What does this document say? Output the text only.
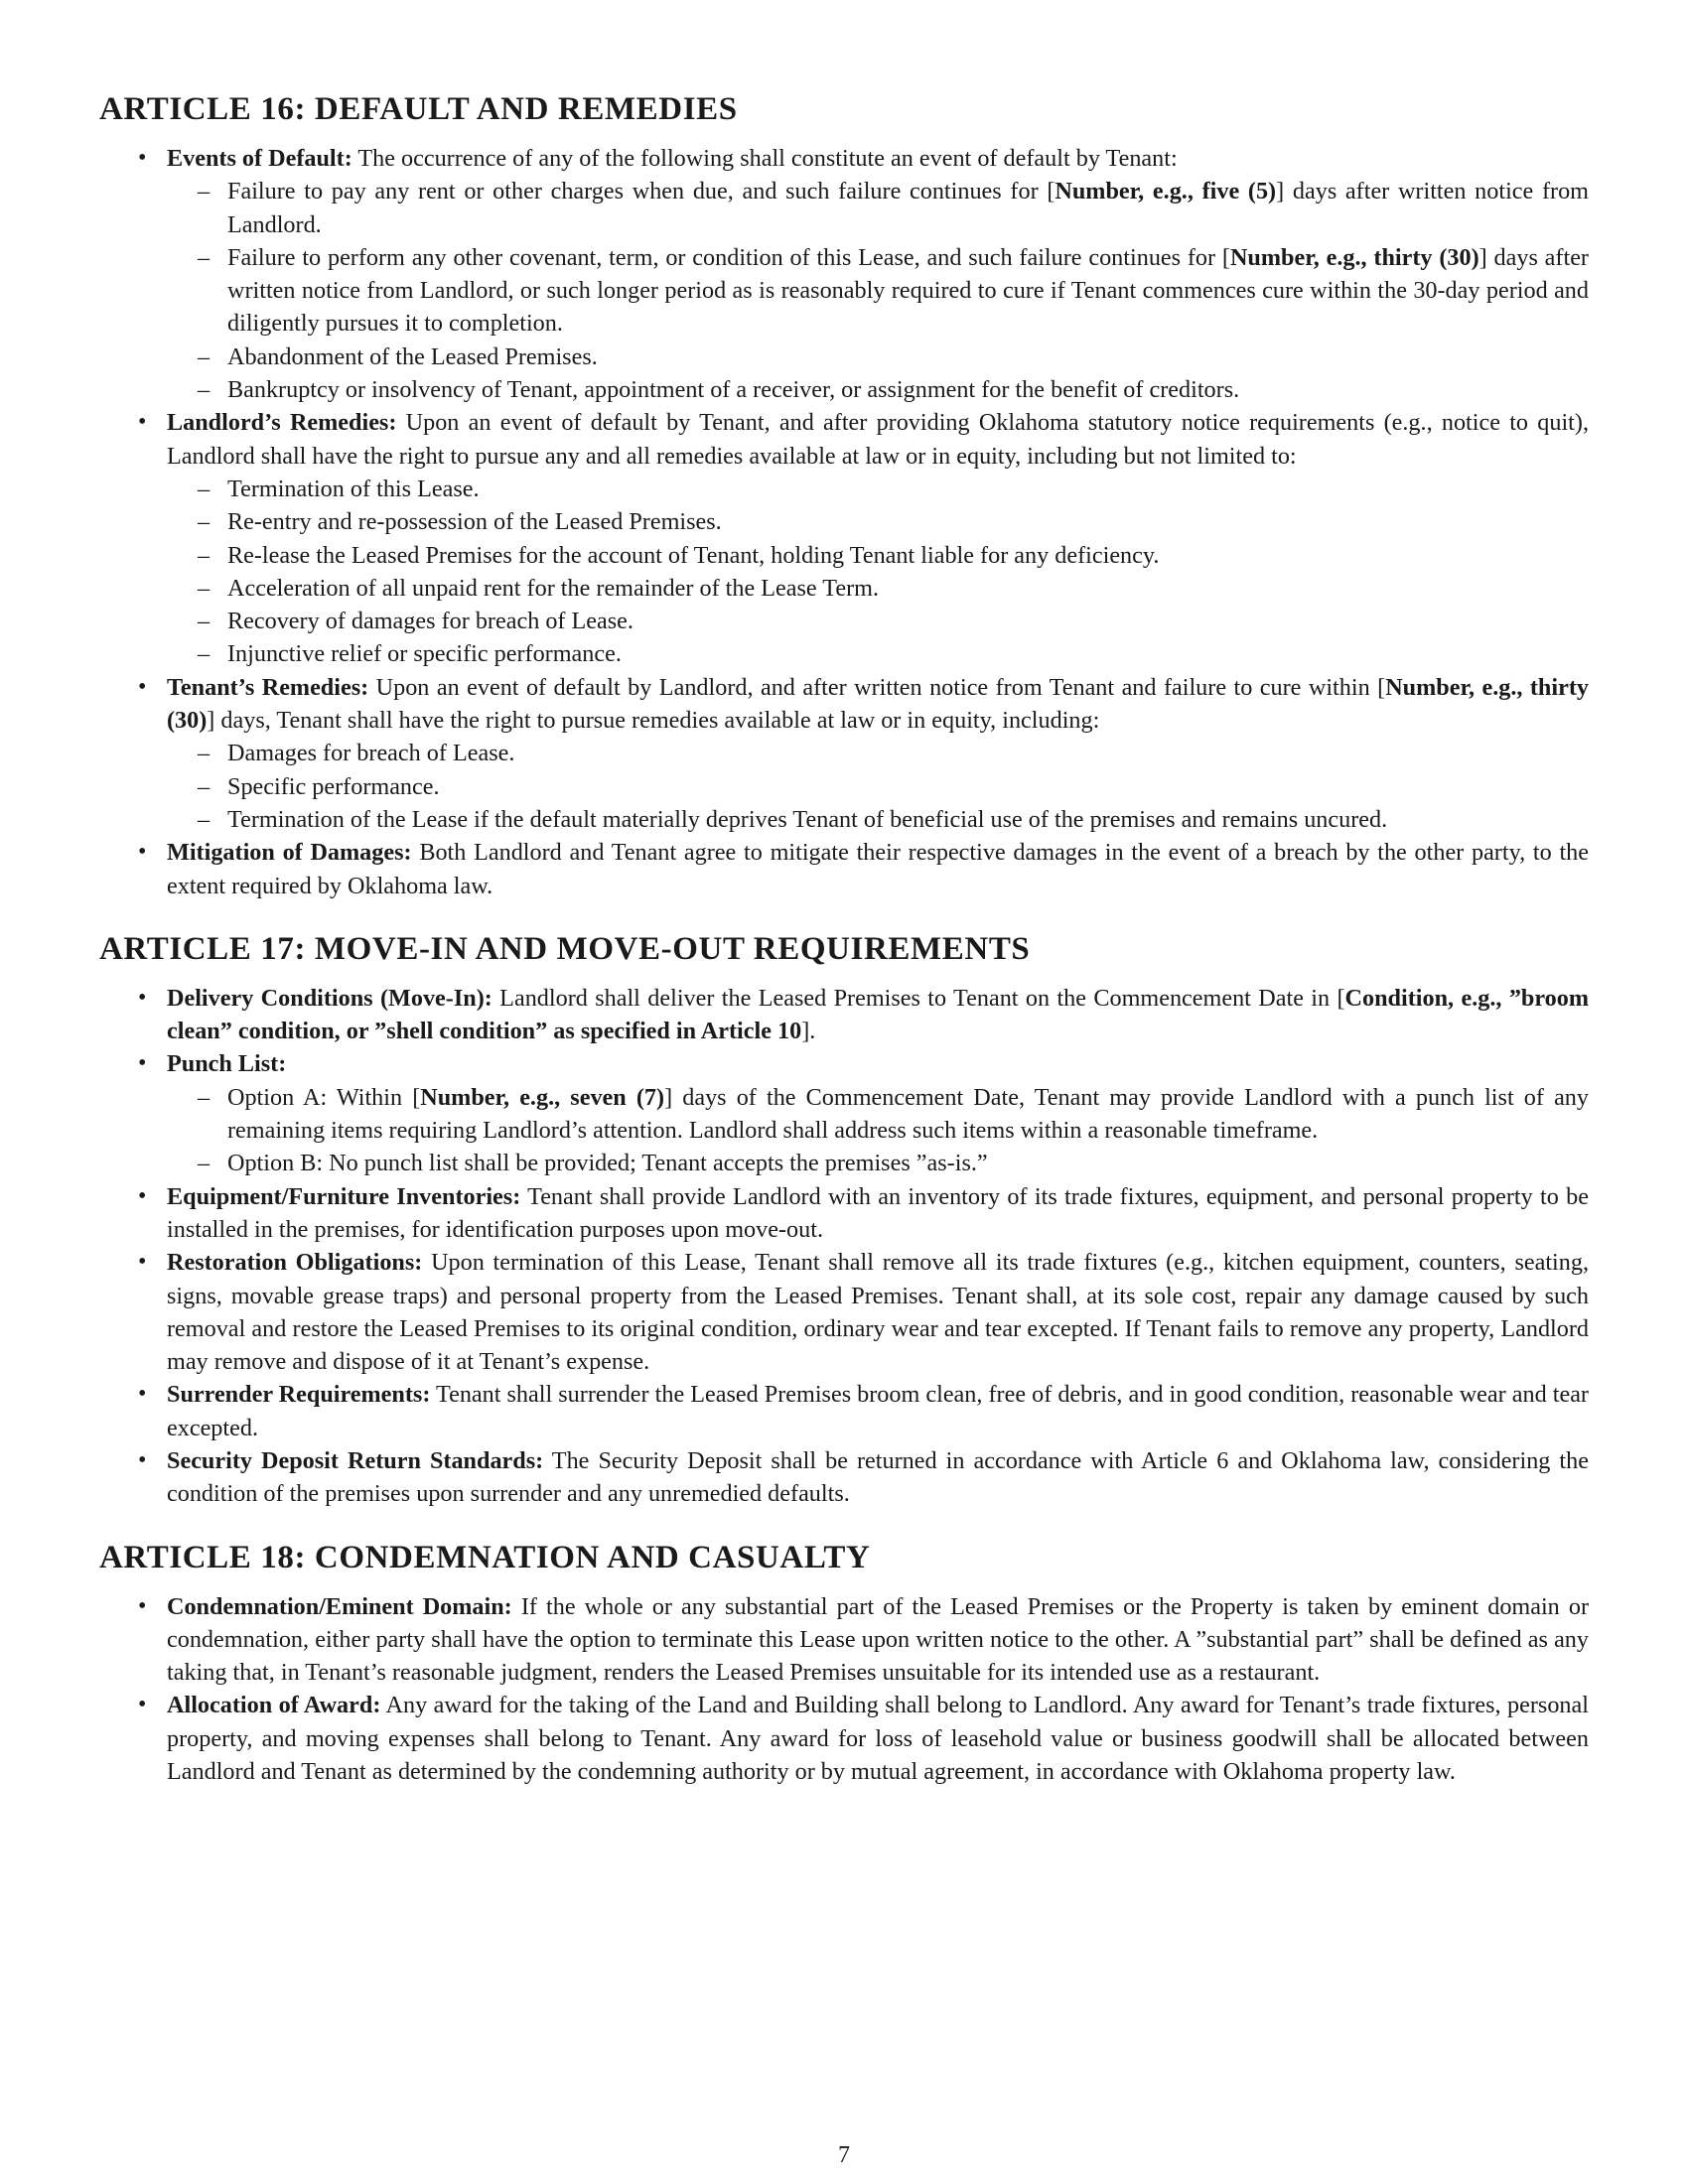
ARTICLE 16: DEFAULT AND REMEDIES
• Events of Default: The occurrence of any of the following shall constitute an event of default by Tenant:
– Failure to pay any rent or other charges when due, and such failure continues for [Number, e.g., five (5)] days after written notice from Landlord.
– Failure to perform any other covenant, term, or condition of this Lease, and such failure continues for [Number, e.g., thirty (30)] days after written notice from Landlord, or such longer period as is reasonably required to cure if Tenant commences cure within the 30-day period and diligently pursues it to completion.
– Abandonment of the Leased Premises.
– Bankruptcy or insolvency of Tenant, appointment of a receiver, or assignment for the benefit of creditors.
• Landlord’s Remedies: Upon an event of default by Tenant, and after providing Oklahoma statutory notice requirements (e.g., notice to quit), Landlord shall have the right to pursue any and all remedies available at law or in equity, including but not limited to:
– Termination of this Lease.
– Re-entry and re-possession of the Leased Premises.
– Re-lease the Leased Premises for the account of Tenant, holding Tenant liable for any deficiency.
– Acceleration of all unpaid rent for the remainder of the Lease Term.
– Recovery of damages for breach of Lease.
– Injunctive relief or specific performance.
• Tenant’s Remedies: Upon an event of default by Landlord, and after written notice from Tenant and failure to cure within [Number, e.g., thirty (30)] days, Tenant shall have the right to pursue remedies available at law or in equity, including:
– Damages for breach of Lease.
– Specific performance.
– Termination of the Lease if the default materially deprives Tenant of beneficial use of the premises and remains uncured.
• Mitigation of Damages: Both Landlord and Tenant agree to mitigate their respective damages in the event of a breach by the other party, to the extent required by Oklahoma law.
ARTICLE 17: MOVE-IN AND MOVE-OUT REQUIREMENTS
• Delivery Conditions (Move-In): Landlord shall deliver the Leased Premises to Tenant on the Commencement Date in [Condition, e.g., ”broom clean” condition, or ”shell condition” as specified in Article 10].
• Punch List:
– Option A: Within [Number, e.g., seven (7)] days of the Commencement Date, Tenant may provide Landlord with a punch list of any remaining items requiring Landlord’s attention. Landlord shall address such items within a reasonable timeframe.
– Option B: No punch list shall be provided; Tenant accepts the premises ”as-is.”
• Equipment/Furniture Inventories: Tenant shall provide Landlord with an inventory of its trade fixtures, equipment, and personal property to be installed in the premises, for identification purposes upon move-out.
• Restoration Obligations: Upon termination of this Lease, Tenant shall remove all its trade fixtures (e.g., kitchen equipment, counters, seating, signs, movable grease traps) and personal property from the Leased Premises. Tenant shall, at its sole cost, repair any damage caused by such removal and restore the Leased Premises to its original condition, ordinary wear and tear excepted. If Tenant fails to remove any property, Landlord may remove and dispose of it at Tenant’s expense.
• Surrender Requirements: Tenant shall surrender the Leased Premises broom clean, free of debris, and in good condition, reasonable wear and tear excepted.
• Security Deposit Return Standards: The Security Deposit shall be returned in accordance with Article 6 and Oklahoma law, considering the condition of the premises upon surrender and any unremedied defaults.
ARTICLE 18: CONDEMNATION AND CASUALTY
• Condemnation/Eminent Domain: If the whole or any substantial part of the Leased Premises or the Property is taken by eminent domain or condemnation, either party shall have the option to terminate this Lease upon written notice to the other. A ”substantial part” shall be defined as any taking that, in Tenant’s reasonable judgment, renders the Leased Premises unsuitable for its intended use as a restaurant.
• Allocation of Award: Any award for the taking of the Land and Building shall belong to Landlord. Any award for Tenant’s trade fixtures, personal property, and moving expenses shall belong to Tenant. Any award for loss of leasehold value or business goodwill shall be allocated between Landlord and Tenant as determined by the condemning authority or by mutual agreement, in accordance with Oklahoma property law.
7
